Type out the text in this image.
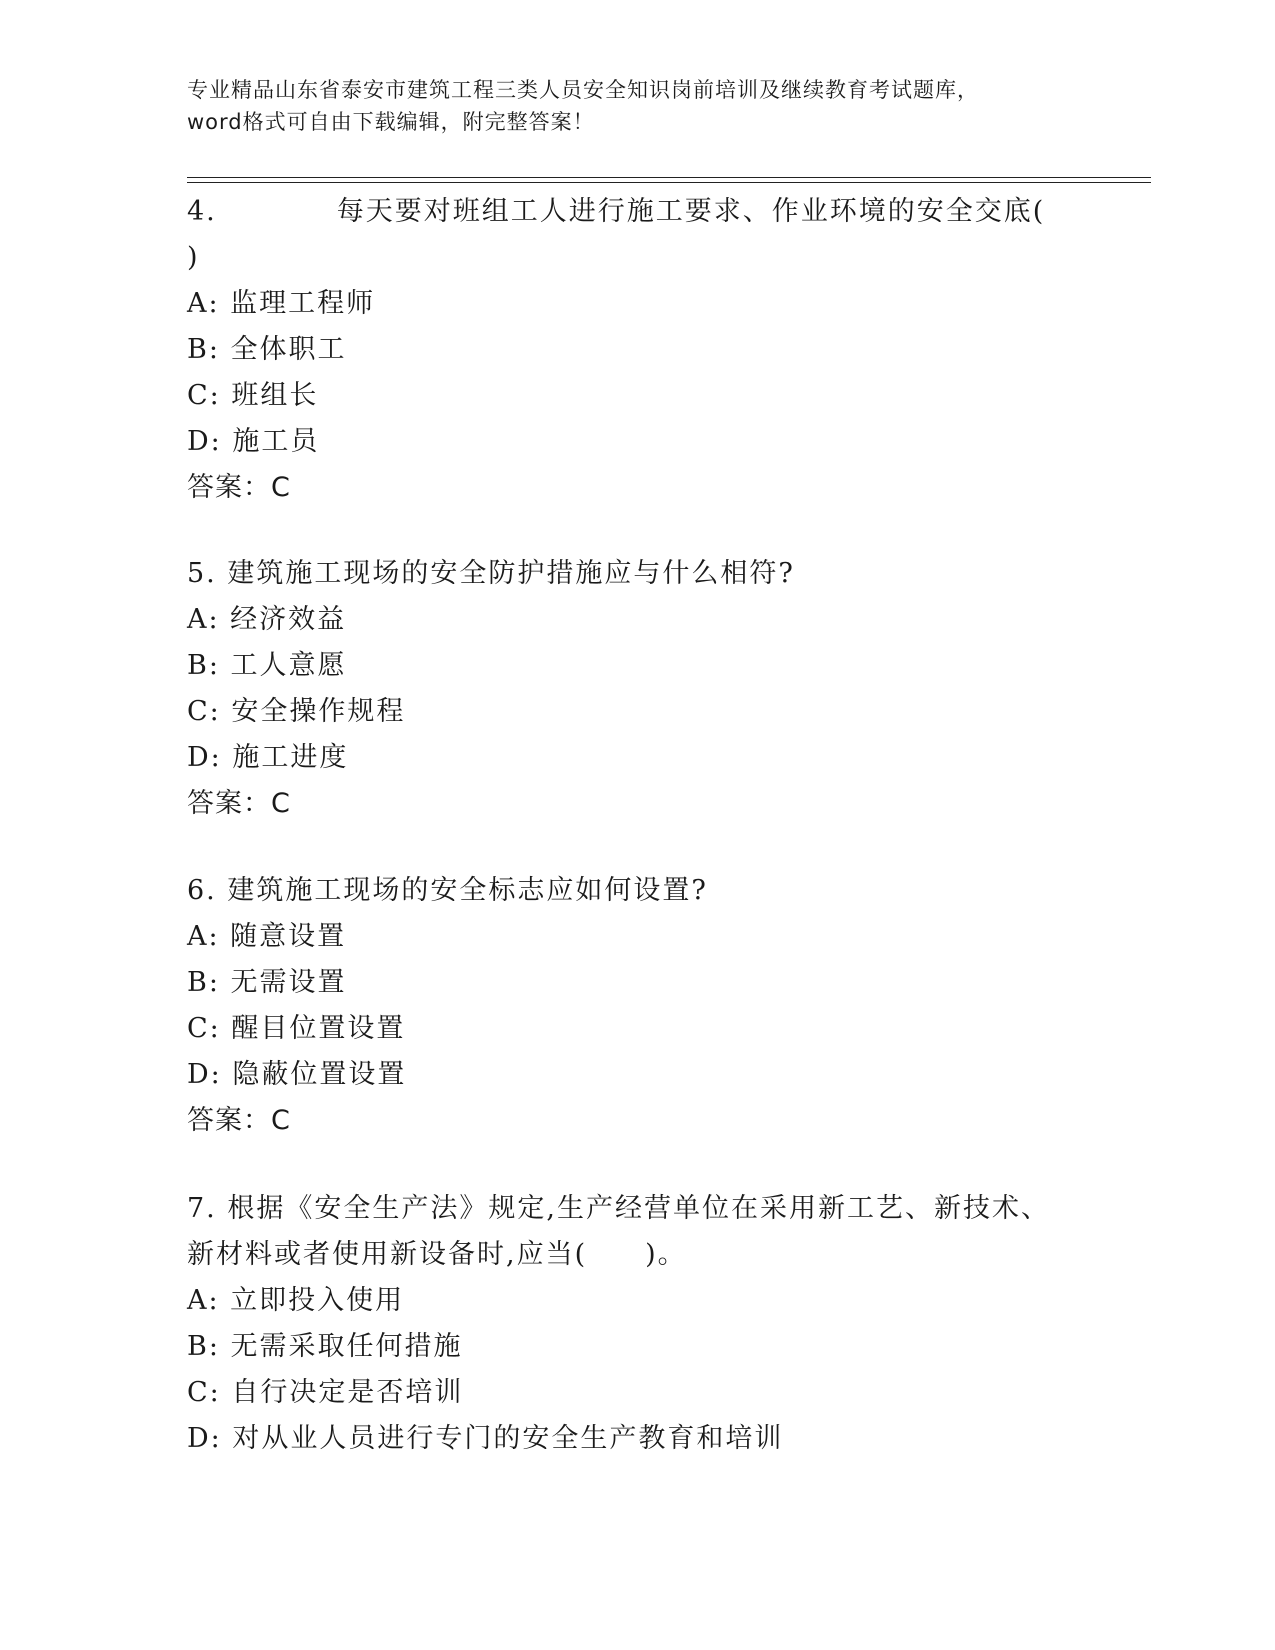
专业精品山东省泰安市建筑工程三类人员安全知识岗前培训及继续教育考试题库，
word格式可自由下载编辑，附完整答案！
4.	每天要对班组工人进行施工要求、作业环境的安全交底(
)
A: 监理工程师
B: 全体职工
C: 班组长
D: 施工员
答案：C
5. 建筑施工现场的安全防护措施应与什么相符?
A: 经济效益
B: 工人意愿
C: 安全操作规程
D: 施工进度
答案：C
6. 建筑施工现场的安全标志应如何设置?
A: 随意设置
B: 无需设置
C: 醒目位置设置
D: 隐蔽位置设置
答案：C
7. 根据《安全生产法》规定,生产经营单位在采用新工艺、新技术、
新材料或者使用新设备时,应当(　　)。
A: 立即投入使用
B: 无需采取任何措施
C: 自行决定是否培训
D: 对从业人员进行专门的安全生产教育和培训
